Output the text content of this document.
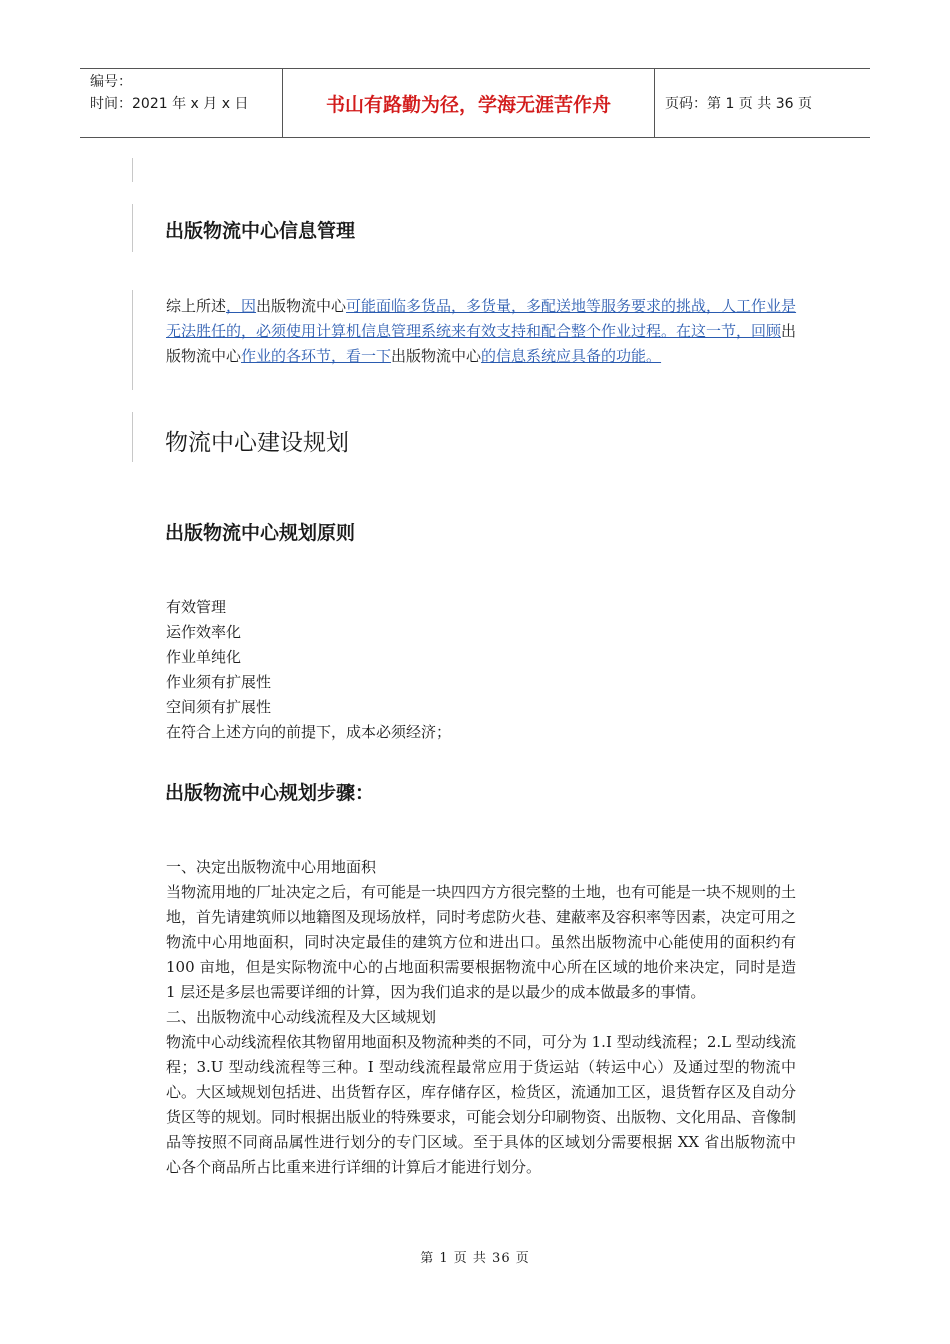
编号：
时间：2021 年 x 月 x 日	书山有路勤为径，学海无涯苦作舟	页码：第 1 页 共 36 页
出版物流中心信息管理
综上所述，因出版物流中心可能面临多货品，多货量，多配送地等服务要求的挑战，人工作业是无法胜任的，必须使用计算机信息管理系统来有效支持和配合整个作业过程。在这一节，回顾出版物流中心作业的各环节，看一下出版物流中心的信息系统应具备的功能。
物流中心建设规划
出版物流中心规划原则
有效管理
运作效率化
作业单纯化
作业须有扩展性
空间须有扩展性
在符合上述方向的前提下，成本必须经济；
出版物流中心规划步骤：
一、决定出版物流中心用地面积
当物流用地的厂址决定之后，有可能是一块四四方方很完整的土地，也有可能是一块不规则的土地，首先请建筑师以地籍图及现场放样，同时考虑防火巷、建蔽率及容积率等因素，决定可用之物流中心用地面积，同时决定最佳的建筑方位和进出口。虽然出版物流中心能使用的面积约有 100 亩地，但是实际物流中心的占地面积需要根据物流中心所在区域的地价来决定，同时是造 1 层还是多层也需要详细的计算，因为我们追求的是以最少的成本做最多的事情。
二、出版物流中心动线流程及大区域规划
物流中心动线流程依其物留用地面积及物流种类的不同，可分为 1.I 型动线流程；2.L 型动线流程；3.U 型动线流程等三种。I 型动线流程最常应用于货运站（转运中心）及通过型的物流中心。大区域规划包括进、出货暂存区，库存储存区，检货区，流通加工区，退货暂存区及自动分货区等的规划。同时根据出版业的特殊要求，可能会划分印刷物资、出版物、文化用品、音像制品等按照不同商品属性进行划分的专门区域。至于具体的区域划分需要根据 XX 省出版物流中心各个商品所占比重来进行详细的计算后才能进行划分。
第 1 页 共 36 页
